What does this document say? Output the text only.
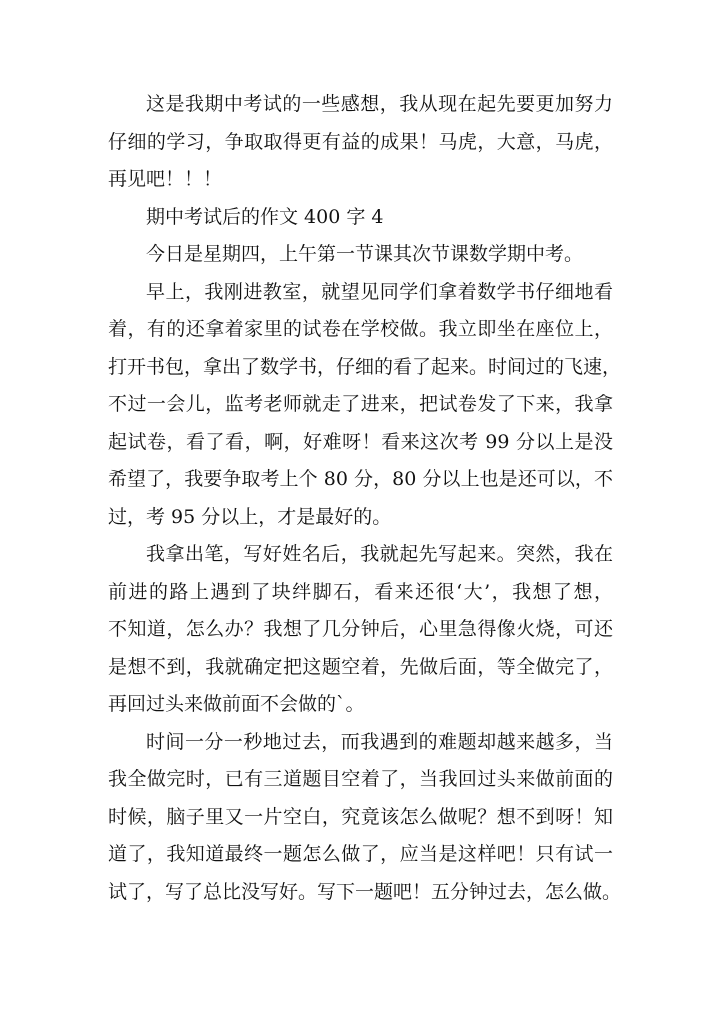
这是我期中考试的一些感想，我从现在起先要更加努力
仔细的学习，争取取得更有益的成果！马虎，大意，马虎，
再见吧！！！
期中考试后的作文 400 字 4
今日是星期四，上午第一节课其次节课数学期中考。
早上，我刚进教室，就望见同学们拿着数学书仔细地看
着，有的还拿着家里的试卷在学校做。我立即坐在座位上，
打开书包，拿出了数学书，仔细的看了起来。时间过的飞速，
不过一会儿，监考老师就走了进来，把试卷发了下来，我拿
起试卷，看了看，啊，好难呀！看来这次考 99 分以上是没
希望了，我要争取考上个 80 分，80 分以上也是还可以，不
过，考 95 分以上，才是最好的。
我拿出笔，写好姓名后，我就起先写起来。突然，我在
前进的路上遇到了块绊脚石，看来还很‘大’，我想了想，
不知道，怎么办？我想了几分钟后，心里急得像火烧，可还
是想不到，我就确定把这题空着，先做后面，等全做完了，
再回过头来做前面不会做的`。
时间一分一秒地过去，而我遇到的难题却越来越多，当
我全做完时，已有三道题目空着了，当我回过头来做前面的
时候，脑子里又一片空白，究竟该怎么做呢？想不到呀！知
道了，我知道最终一题怎么做了，应当是这样吧！只有试一
试了，写了总比没写好。写下一题吧！五分钟过去，怎么做。
